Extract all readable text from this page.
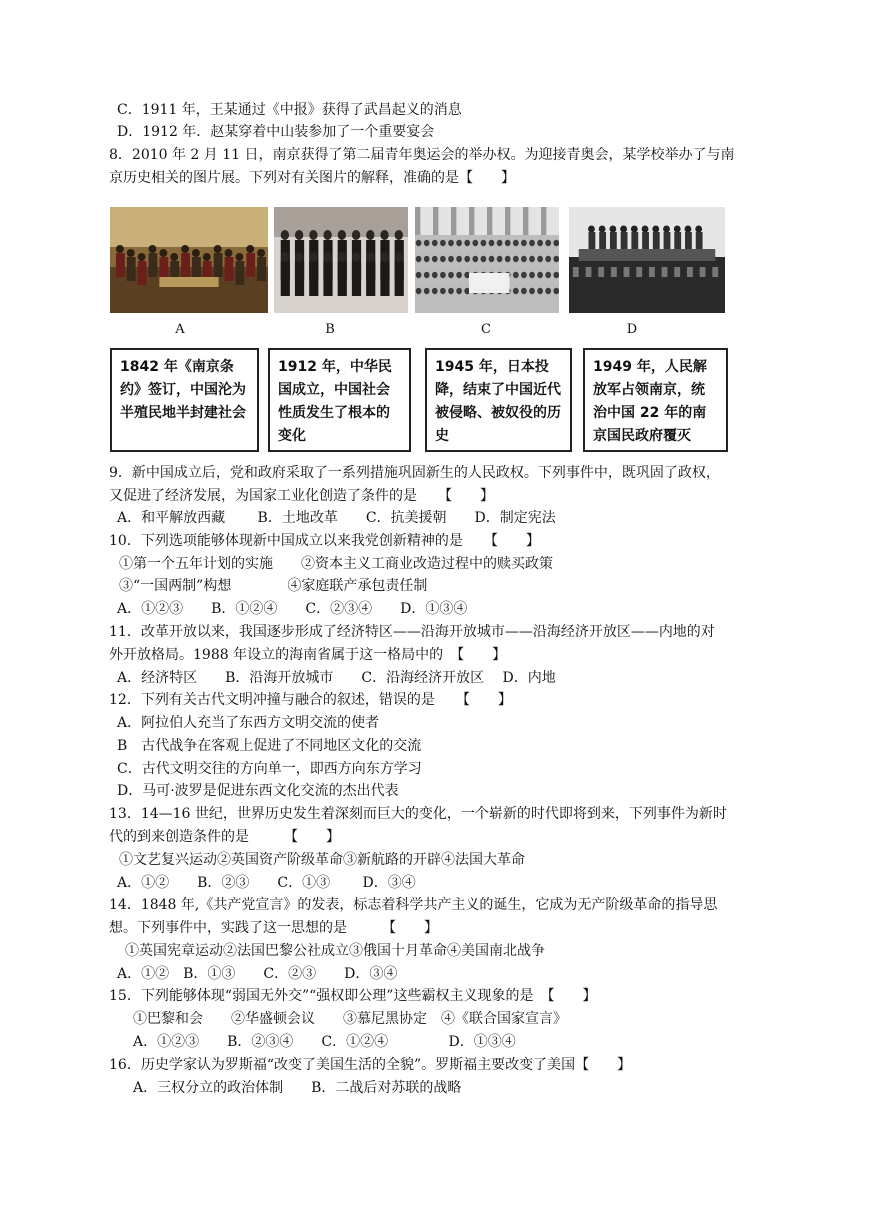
C．1911 年，王某通过《中报》获得了武昌起义的消息
D．1912 年．赵某穿着中山装参加了一个重要宴会
8．2010 年 2 月 11 日，南京获得了第二届青年奥运会的举办权。为迎接青奥会，某学校举办了与南
京历史相关的图片展。下列对有关图片的解释，准确的是【　　】
9．新中国成立后，党和政府采取了一系列措施巩固新生的人民政权。下列事件中，既巩固了政权，
又促进了经济发展，为国家工业化创造了条件的是　　【　　】
A．和平解放西藏　　 B．土地改革　　C．抗美援朝　　D．制定宪法
10．下列选项能够体现新中国成立以来我党创新精神的是　　【　　】
①第一个五年计划的实施　　②资本主义工商业改造过程中的赎买政策
③“一国两制”构想　　　　④家庭联产承包责任制
A．①②③　　B．①②④　　C．②③④　　D．①③④
11．改革开放以来，我国逐步形成了经济特区——沿海开放城市——沿海经济开放区——内地的对
外开放格局。1988 年设立的海南省属于这一格局中的　【　　】
A．经济特区　　B．沿海开放城市　　C．沿海经济开放区　 D．内地
12．下列有关古代文明冲撞与融合的叙述，错误的是　　【　　】
A．阿拉伯人充当了东西方文明交流的使者
B　古代战争在客观上促进了不同地区文化的交流
C．古代文明交往的方向单一，即西方向东方学习
D．马可·波罗是促进东西文化交流的杰出代表
13．14—16 世纪，世界历史发生着深刻而巨大的变化，一个崭新的时代即将到来，下列事件为新时
代的到来创造条件的是　　　【　　】
①文艺复兴运动②英国资产阶级革命③新航路的开辟④法国大革命
A．①②　　B．②③　　C．①③　　 D．③④
14．1848 年,《共产党宣言》的发表，标志着科学共产主义的诞生，它成为无产阶级革命的指导思
想。下列事件中，实践了这一思想的是　　　【　　】
①英国宪章运动②法国巴黎公社成立③俄国十月革命④美国南北战争
A．①②　B．①③　　C．②③　　D．③④
15．下列能够体现“弱国无外交”“强权即公理”这些霸权主义现象的是　【　　】
①巴黎和会　　②华盛顿会议　　③慕尼黑协定　④《联合国家宣言》
A．①②③　　B．②③④　　C．①②④　　　　 D．①③④
16．历史学家认为罗斯福“改变了美国生活的全貌”。罗斯福主要改变了美国【　　】
A．三权分立的政治体制　　B．二战后对苏联的战略
A	B	C	D
1842 年《南京条约》签订，中国沦为半殖民地半封建社会
1912 年，中华民国成立，中国社会性质发生了根本的变化
1945 年，日本投降，结束了中国近代被侵略、被奴役的历史
1949 年，人民解放军占领南京，统治中国 22 年的南京国民政府覆灭
